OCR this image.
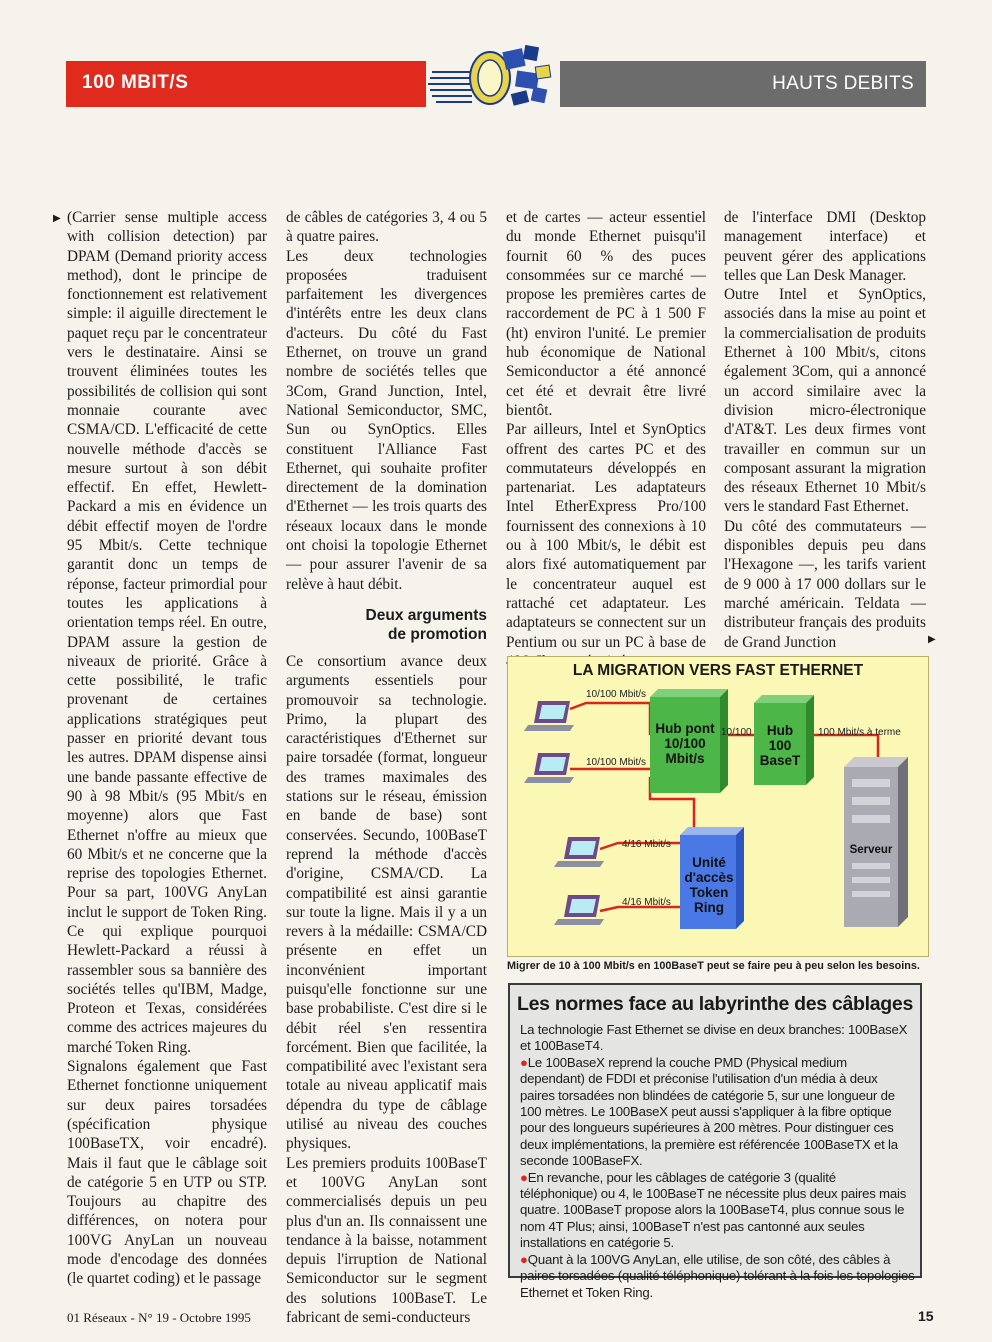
100 MBIT/S	HAUTS DEBITS
▶
▶

(Carrier sense multiple access with collision detection) par DPAM (Demand priority access method), dont le principe de fonctionnement est relativement simple: il aiguille directement le paquet reçu par le concentrateur vers le destinataire. Ainsi se trouvent éliminées toutes les possibilités de collision qui sont monnaie courante avec CSMA/CD. L'efficacité de cette nouvelle méthode d'accès se mesure surtout à son débit effectif. En effet, Hewlett-Packard a mis en évidence un débit effectif moyen de l'ordre 95 Mbit/s. Cette technique garantit donc un temps de réponse, facteur primordial pour toutes les applications à orientation temps réel. En outre, DPAM assure la gestion de niveaux de priorité. Grâce à cette possibilité, le trafic provenant de certaines applications stratégiques peut passer en priorité devant tous les autres. DPAM dispense ainsi une bande passante effective de 90 à 98 Mbit/s (95 Mbit/s en moyenne) alors que Fast Ethernet n'offre au mieux que 60 Mbit/s et ne concerne que la reprise des topologies Ethernet. Pour sa part, 100VG AnyLan inclut le support de Token Ring. Ce qui explique pourquoi Hewlett-Packard a réussi à rassembler sous sa bannière des sociétés telles qu'IBM, Madge, Proteon et Texas, considérées comme des actrices majeures du marché Token Ring.

Signalons également que Fast Ethernet fonctionne uniquement sur deux paires torsadées (spécification physique 100BaseTX, voir encadré). Mais il faut que le câblage soit de catégorie 5 en UTP ou STP. Toujours au chapitre des différences, on notera pour 100VG AnyLan un nouveau mode d'encodage des données (le quartet coding) et le passage

de câbles de catégories 3, 4 ou 5 à quatre paires.

Les deux technologies proposées traduisent parfaitement les divergences d'intérêts entre les deux clans d'acteurs. Du côté du Fast Ethernet, on trouve un grand nombre de sociétés telles que 3Com, Grand Junction, Intel, National Semiconductor, SMC, Sun ou SynOptics. Elles constituent l'Alliance Fast Ethernet, qui souhaite profiter directement de la domination d'Ethernet — les trois quarts des réseaux locaux dans le monde ont choisi la topologie Ethernet — pour assurer l'avenir de sa relève à haut débit.

Deux arguments
de promotion

Ce consortium avance deux arguments essentiels pour promouvoir sa technologie. Primo, la plupart des caractéristiques d'Ethernet sur paire torsadée (format, longueur des trames maximales des stations sur le réseau, émission en bande de base) sont conservées. Secundo, 100BaseT reprend la méthode d'accès d'origine, CSMA/CD. La compatibilité est ainsi garantie sur toute la ligne. Mais il y a un revers à la médaille: CSMA/CD présente en effet un inconvénient important puisqu'elle fonctionne sur une base probabiliste. C'est dire si le débit réel s'en ressentira forcément. Bien que facilitée, la compatibilité avec l'existant sera totale au niveau applicatif mais dépendra du type de câblage utilisé au niveau des couches physiques.

Les premiers produits 100BaseT et 100VG AnyLan sont commercialisés depuis un peu plus d'un an. Ils connaissent une tendance à la baisse, notamment depuis l'irruption de National Semiconductor sur le segment des solutions 100BaseT. Le fabricant de semi-conducteurs

et de cartes — acteur essentiel du monde Ethernet puisqu'il fournit 60 % des puces consommées sur ce marché — propose les premières cartes de raccordement de PC à 1 500 F (ht) environ l'unité. Le premier hub économique de National Semiconductor a été annoncé cet été et devrait être livré bientôt.

Par ailleurs, Intel et SynOptics offrent des cartes PC et des commutateurs développés en partenariat. Les adaptateurs Intel EtherExpress Pro/100 fournissent des connexions à 10 ou à 100 Mbit/s, le débit est alors fixé automatiquement par le concentrateur auquel est rattaché cet adaptateur. Les adaptateurs se connectent sur un Pentium ou sur un PC à base de

de l'interface DMI (Desktop management interface) et peuvent gérer des applications telles que Lan Desk Manager.

Outre Intel et SynOptics, associés dans la mise au point et la commercialisation de produits Ethernet à 100 Mbit/s, citons également 3Com, qui a annoncé un accord similaire avec la division micro-électronique d'AT&T. Les deux firmes vont travailler en commun sur un composant assurant la migration des réseaux Ethernet 10 Mbit/s vers le standard Fast Ethernet.

Du côté des commutateurs — disponibles depuis peu dans l'Hexagone —, les tarifs varient de 9 000 à 17 000 dollars sur le marché américain. Teldata — distributeur français des produits de Grand Junction

Hub pont
10/100
Mbit/s
Hub
100
BaseT
Unité
d'accès
Token
Ring
Serveur
10/100 Mbit/s
10/100 Mbit/s
4/16 Mbit/s
4/16 Mbit/s
10/100	100 Mbit/s à terme
LA MIGRATION VERS FAST ETHERNET
Migrer de 10 à 100 Mbit/s en 100BaseT peut se faire peu à peu selon les besoins.
Les normes face au labyrinthe des câblages

La technologie Fast Ethernet se divise en deux branches: 100BaseX et 100BaseT4.

●Le 100BaseX reprend la couche PMD (Physical medium dependant) de FDDI et préconise l'utilisation d'un média à deux paires torsadées non blindées de catégorie 5, sur une longueur de 100 mètres. Le 100BaseX peut aussi s'appliquer à la fibre optique pour des longueurs supérieures à 200 mètres. Pour distinguer ces deux implémentations, la première est référencée 100BaseTX et la seconde 100BaseFX.

●En revanche, pour les câblages de catégorie 3 (qualité téléphonique) ou 4, le 100BaseT ne nécessite plus deux paires mais quatre. 100BaseT propose alors la 100BaseT4, plus connue sous le nom 4T Plus; ainsi, 100BaseT n'est pas cantonné aux seules installations en catégorie 5.

●Quant à la 100VG AnyLan, elle utilise, de son côté, des câbles à paires torsadées (qualité téléphonique) tolérant à la fois les topologies Ethernet et Token Ring.

01 Réseaux - N° 19 - Octobre 1995	15
